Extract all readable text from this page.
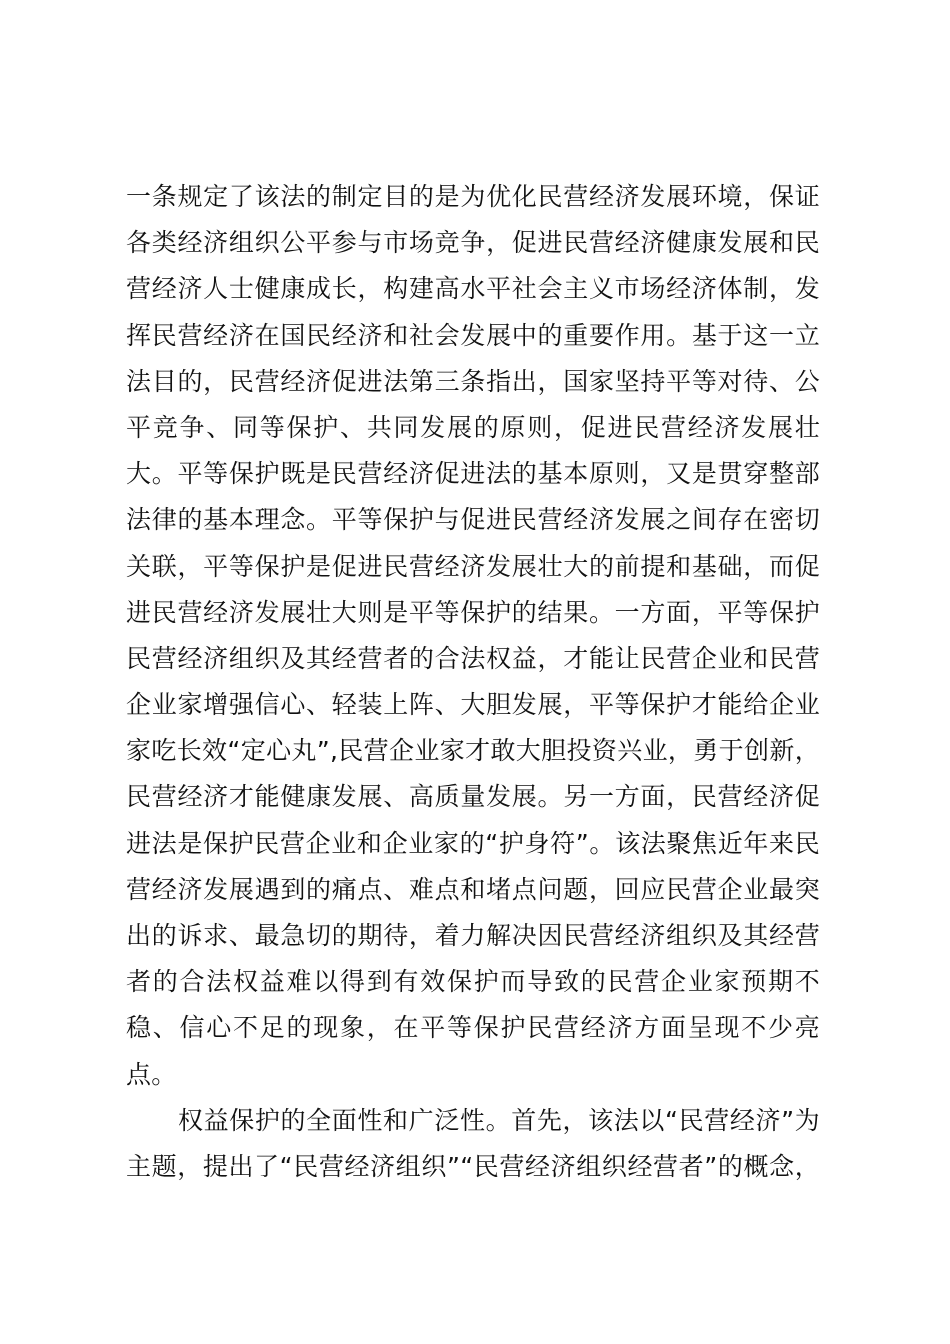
一条规定了该法的制定目的是为优化民营经济发展环境，保证
各类经济组织公平参与市场竞争，促进民营经济健康发展和民
营经济人士健康成长，构建高水平社会主义市场经济体制，发
挥民营经济在国民经济和社会发展中的重要作用。基于这一立
法目的，民营经济促进法第三条指出，国家坚持平等对待、公
平竞争、同等保护、共同发展的原则，促进民营经济发展壮
大。平等保护既是民营经济促进法的基本原则，又是贯穿整部
法律的基本理念。平等保护与促进民营经济发展之间存在密切
关联，平等保护是促进民营经济发展壮大的前提和基础，而促
进民营经济发展壮大则是平等保护的结果。一方面，平等保护
民营经济组织及其经营者的合法权益，才能让民营企业和民营
企业家增强信心、轻装上阵、大胆发展，平等保护才能给企业
家吃长效“定心丸”,民营企业家才敢大胆投资兴业，勇于创新，
民营经济才能健康发展、高质量发展。另一方面，民营经济促
进法是保护民营企业和企业家的“护身符”。该法聚焦近年来民
营经济发展遇到的痛点、难点和堵点问题，回应民营企业最突
出的诉求、最急切的期待，着力解决因民营经济组织及其经营
者的合法权益难以得到有效保护而导致的民营企业家预期不
稳、信心不足的现象，在平等保护民营经济方面呈现不少亮
点。
权益保护的全面性和广泛性。首先，该法以“民营经济”为
主题，提出了“民营经济组织”“民营经济组织经营者”的概念，
